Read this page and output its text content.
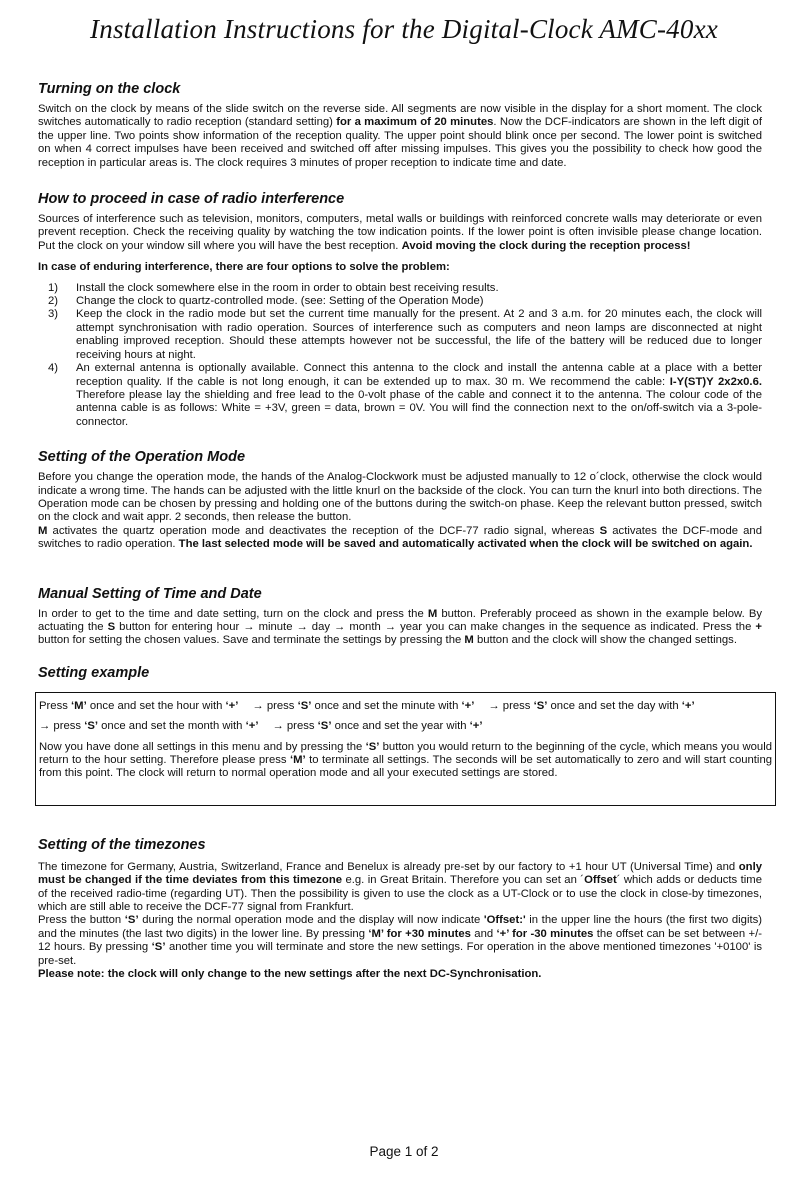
Installation Instructions for the Digital-Clock AMC-40xx
Turning on the clock

Switch on the clock by means of the slide switch on the reverse side. All segments are now visible in the display for a short moment. The clock switches automatically to radio reception (standard setting) for a maximum of 20 minutes. Now the DCF-indicators are shown in the left digit of the upper line. Two points show information of the reception quality. The upper point should blink once per second. The lower point is switched on when 4 correct impulses have been received and switched off after missing impulses. This gives you the possibility to check how good the reception in particular areas is. The clock requires 3 minutes of proper reception to indicate time and date.

How to proceed in case of radio interference

Sources of interference such as television, monitors, computers, metal walls or buildings with reinforced concrete walls may deteriorate or even prevent reception. Check the receiving quality by watching the tow indication points. If the lower point is often invisible please change location. Put the clock on your window sill where you will have the best reception. Avoid moving the clock during the reception process!

In case of enduring interference, there are four options to solve the problem:

1) Install the clock somewhere else in the room in order to obtain best receiving results.
2) Change the clock to quartz-controlled mode. (see: Setting of the Operation Mode)
3) Keep the clock in the radio mode but set the current time manually for the present. At 2 and 3 a.m. for 20 minutes each, the clock will attempt synchronisation with radio operation. Sources of interference such as computers and neon lamps are disconnected at night enabling improved reception. Should these attempts however not be successful, the life of the battery will be reduced due to longer receiving hours at night.
4) An external antenna is optionally available. Connect this antenna to the clock and install the antenna cable at a place with a better reception quality. If the cable is not long enough, it can be extended up to max. 30 m. We recommend the cable: I-Y(ST)Y 2x2x0.6. Therefore please lay the shielding and free lead to the 0-volt phase of the cable and connect it to the antenna. The colour code of the antenna cable is as follows: White = +3V, green = data, brown = 0V. You will find the connection next to the on/off-switch via a 3-pole-connector.
Setting of the Operation Mode

Before you change the operation mode, the hands of the Analog-Clockwork must be adjusted manually to 12 o´clock, otherwise the clock would indicate a wrong time. The hands can be adjusted with the little knurl on the backside of the clock. You can turn the knurl into both directions. The Operation mode can be chosen by pressing and holding one of the buttons during the switch-on phase. Keep the relevant button pressed, switch on the clock and wait appr. 2 seconds, then release the button.

M activates the quartz operation mode and deactivates the reception of the DCF-77 radio signal, whereas S activates the DCF-mode and switches to radio operation. The last selected mode will be saved and automatically activated when the clock will be switched on again.

Manual Setting of Time and Date

In order to get to the time and date setting, turn on the clock and press the M button. Preferably proceed as shown in the example below. By actuating the S button for entering hour → minute → day → month → year you can make changes in the sequence as indicated. Press the + button for setting the chosen values. Save and terminate the settings by pressing the M button and the clock will show the changed settings.

Setting example
Press ‘M’ once and set the hour with ‘+’ → press ‘S’ once and set the minute with ‘+’ → press ‘S’ once and set the day with ‘+’
→ press ‘S’ once and set the month with ‘+’ → press ‘S’ once and set the year with ‘+’
Now you have done all settings in this menu and by pressing the ‘S’ button you would return to the beginning of the cycle, which means you would return to the hour setting. Therefore please press ‘M’ to terminate all settings. The seconds will be set automatically to zero and will start counting from this point. The clock will return to normal operation mode and all your executed settings are stored.
Setting of the timezones

The timezone for Germany, Austria, Switzerland, France and Benelux is already pre-set by our factory to +1 hour UT (Universal Time) and only must be changed if the time deviates from this timezone e.g. in Great Britain. Therefore you can set an ´Offset´ which adds or deducts time of the received radio-time (regarding UT). Then the possibility is given to use the clock as a UT-Clock or to use the clock in close-by timezones, which are still able to receive the DCF-77 signal from Frankfurt.

Press the button ‘S’ during the normal operation mode and the display will now indicate 'Offset:' in the upper line the hours (the first two digits) and the minutes (the last two digits) in the lower line. By pressing ‘M’ for +30 minutes and ‘+’ for -30 minutes the offset can be set between +/- 12 hours. By pressing ‘S’ another time you will terminate and store the new settings. For operation in the above mentioned timezones '+0100' is pre-set.

Please note: the clock will only change to the new settings after the next DC-Synchronisation.

Page 1 of 2
